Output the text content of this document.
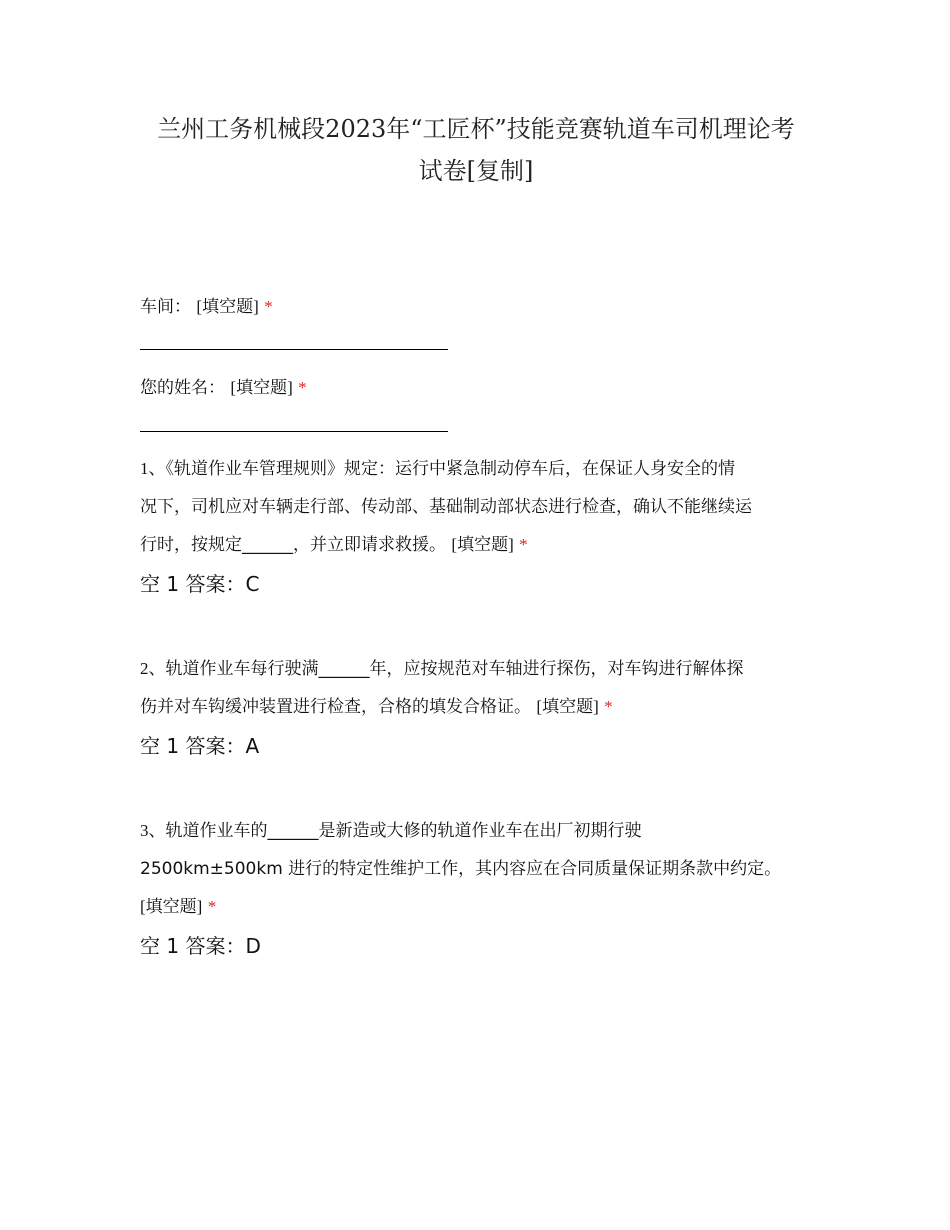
兰州工务机械段2023年“工匠杯”技能竞赛轨道车司机理论考
试卷[复制]
车间： [填空题] *
您的姓名： [填空题] *
1、《轨道作业车管理规则》规定：运行中紧急制动停车后，在保证人身安全的情
况下，司机应对车辆走行部、传动部、基础制动部状态进行检查，确认不能继续运
行时，按规定______，并立即请求救援。 [填空题] *
空 1 答案：C
2、轨道作业车每行驶满______年，应按规范对车轴进行探伤，对车钩进行解体探
伤并对车钩缓冲装置进行检查，合格的填发合格证。 [填空题] *
空 1 答案：A
3、轨道作业车的______是新造或大修的轨道作业车在出厂初期行驶
2500km±500km 进行的特定性维护工作，其内容应在合同质量保证期条款中约定。
[填空题] *
空 1 答案：D
